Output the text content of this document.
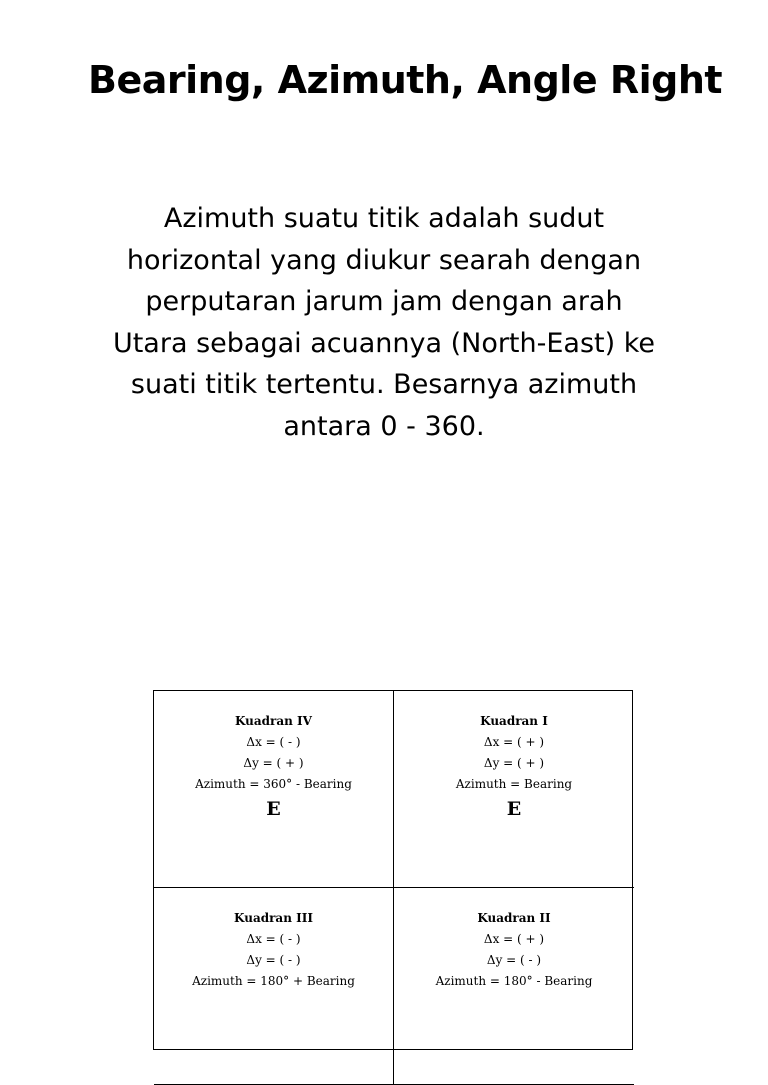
Bearing, Azimuth, Angle Right

Azimuth suatu titik adalah sudut horizontal yang diukur searah dengan perputaran jarum jam dengan arah Utara sebagai acuannya (North-East) ke suati titik tertentu. Besarnya azimuth antara 0 - 360.

Kuadran IV
Δx = ( - )
Δy = ( + )
Azimuth = 360° - Bearing
E
Kuadran I
Δx = ( + )
Δy = ( + )
Azimuth = Bearing
E
Kuadran III
Δx = ( - )
Δy = ( - )
Azimuth = 180° + Bearing
Kuadran II
Δx = ( + )
Δy = ( - )
Azimuth = 180° - Bearing
